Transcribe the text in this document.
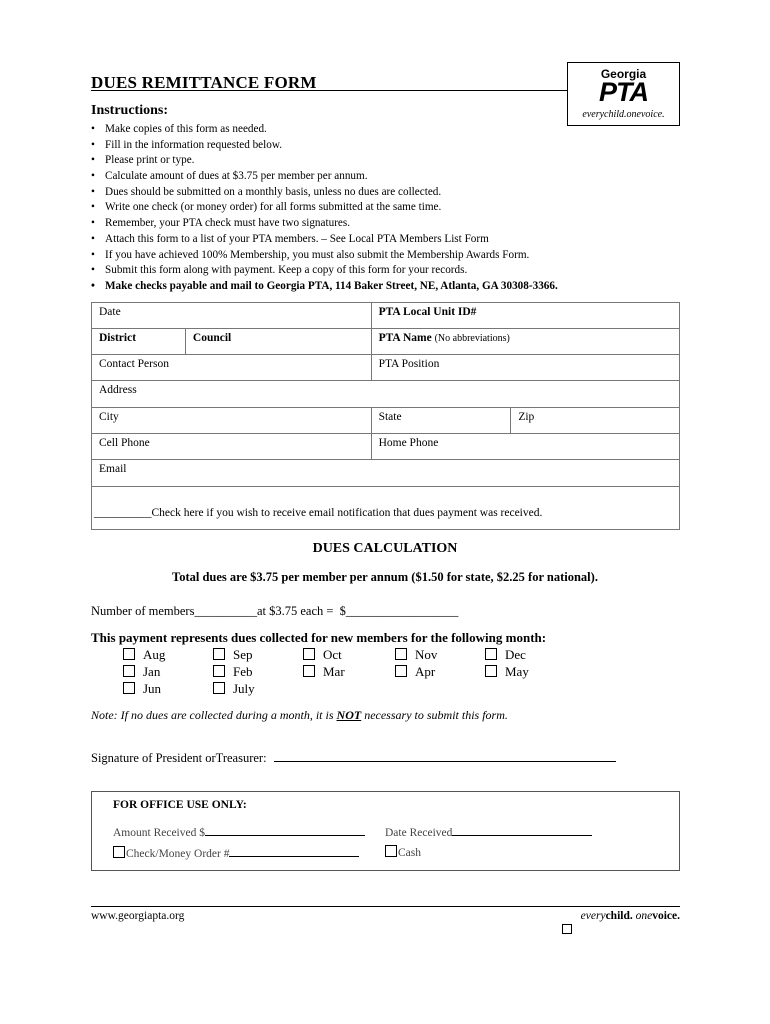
DUES REMITTANCE FORM	Georgia
PTA
everychild.onevoice.
Instructions:
• Make copies of this form as needed.
• Fill in the information requested below.
• Please print or type.
• Calculate amount of dues at $3.75 per member per annum.
• Dues should be submitted on a monthly basis, unless no dues are collected.
• Write one check (or money order) for all forms submitted at the same time.
• Remember, your PTA check must have two signatures.
• Attach this form to a list of your PTA members. – See Local PTA Members List Form
• If you have achieved 100% Membership, you must also submit the Membership Awards Form.
• Submit this form along with payment. Keep a copy of this form for your records.
• Make checks payable and mail to Georgia PTA, 114 Baker Street, NE, Atlanta, GA 30308-3366.
Date		PTA Local Unit ID#	
District	Council	PTA Name (No abbreviations)	
Contact Person		PTA Position	
Address			
City		State	Zip
Cell Phone		Home Phone	
Email			
__________Check here if you wish to receive email notification that dues payment was received.			
DUES CALCULATION
Total dues are $3.75 per member per annum ($1.50 for state, $2.25 for national).
Number of members__________at $3.75 each = $__________________
This payment represents dues collected for new members for the following month:
Aug	Sep	Oct	Nov	Dec
Jan	Feb	Mar	Apr	May
Jun	July
Note: If no dues are collected during a month, it is NOT necessary to submit this form.
Signature of President orTreasurer:
FOR OFFICE USE ONLY:
Amount Received $	Date Received
Check/Money Order #	Cash
www.georgiapta.org	everychild. onevoice.
